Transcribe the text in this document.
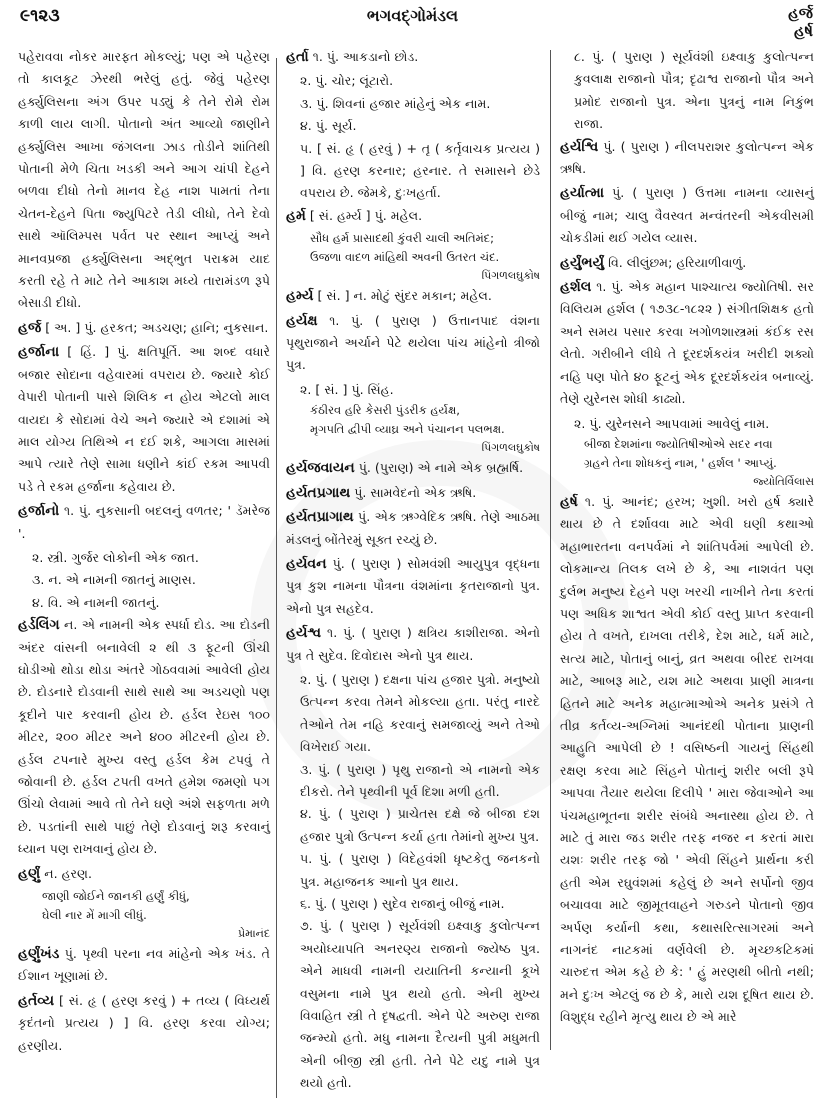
૯૧૨૩	ભગવદ્ગોમંડલ	હર્જ
હર્ષ
પહેરાવવા નોકર મારફત મોકલ્યું; પણ એ પહેરણ તો કાલકૂટ ઝેરથી ભરેલું હતું. જેવું પહેરણ હર્ક્યુલિસના અંગ ઉપર પડ્યું કે તેને રોમે રોમ કાળી લાય લાગી. પોતાનો અંત આવ્યો જાણીને હર્ક્યુલિસ આખા જંગલના ઝાડ તોડીને શાંતિથી પોતાની મેળે ચિતા ખડકી અને આગ ચાંપી દેહને બળવા દીધો તેનો માનવ દેહ નાશ પામતાં તેના ચેતન-દેહને પિતા જ્યુપિટરે તેડી લીધો, તેને દેવો સાથે ઑલિમ્પસ પર્વત પર સ્થાન આપ્યું અને માનવપ્રજા હર્ક્યુલિસના અદ્ભુત પરાક્રમ યાદ કરતી રહે તે માટે તેને આકાશ મધ્યે તારામંડળ રૂપે બેસાડી દીધો.
હર્જ [ અ. ] પું. હરકત; અડચણ; હાનિ; નુકસાન.
હર્જાના [ હિં. ] પું. ક્ષતિપૂર્તિ. આ શબ્દ વધારે બજાર સોદાના વહેવારમાં વપરાય છે. જ્યારે કોઈ વેપારી પોતાની પાસે શિલિક ન હોય એટલો માલ વાયદા કે સોદામાં વેચે અને જ્યારે એ દશામાં એ માલ યોગ્ય તિથિએ ન દઈ શકે, આગલા માસમાં આપે ત્યારે તેણે સામા ધણીને કાંઈ રકમ આપવી પડે તે રકમ હર્જાના કહેવાય છે.
હર્જાનો ૧. પું. નુકસાની બદલનું વળતર; ' ડૅમરેજ '.
૨. સ્ત્રી. ગુર્જર લોકોની એક જાત.
૩. ન. એ નામની જાતનું માણસ.
૪. વિ. એ નામની જાતનું.
હર્ડલિંગ ન. એ નામની એક સ્પર્ધા દોડ. આ દોડની અંદર વાંસની બનાવેલી ૨ થી ૩ ફૂટની ઊંચી ઘોડીઓ થોડા થોડા અંતરે ગોઠવવામાં આવેલી હોય છે. દોડનારે દોડવાની સાથે સાથે આ અડચણો પણ કૂદીને પાર કરવાની હોય છે. હર્ડલ રેઇસ ૧૦૦ મીટર, ૨૦૦ મીટર અને ૪૦૦ મીટરની હોય છે. હર્ડલ ટપનારે મુખ્ય વસ્તુ હર્ડલ કેમ ટપવું તે જોવાની છે. હર્ડલ ટપતી વખતે હમેશ જમણો પગ ઊંચો લેવામાં આવે તો તેને ઘણે અંશે સફળતા મળે છે. પડતાંની સાથે પાછું તેણે દોડવાનું શરૂ કરવાનું ધ્યાન પણ રાખવાનું હોય છે.
હર્ણું ન. હરણ.
જાણી જોઈને જાનકી હર્ણું કીધું,
ઘેલી નાર મેં માગી લીધું.
પ્રેમાનંદ
હર્ણુંખંડ પું. પૃથ્વી પરના નવ માંહેનો એક ખંડ. તે ઈશાન ખૂણામાં છે.
હર્તવ્ય [ સં. હૃ ( હરણ કરવું ) + તવ્ય ( વિધ્યર્થ કૃદંતનો પ્રત્યય ) ] વિ. હરણ કરવા યોગ્ય; હરણીય.
હર્તા ૧. પું. આકડાનો છોડ.
૨. પું. ચોર; લૂંટારો.
૩. પું. શિવનાં હજાર માંહેનું એક નામ.
૪. પું. સૂર્ય.
૫. [ સં. હૃ ( હરવું ) + તૃ ( કર્તૃવાચક પ્રત્યય ) ] વિ. હરણ કરનાર; હરનાર. તે સમાસને છેડે વપરાય છે. જેમકે, દુઃખહર્તા.
હર્મ [ સં. હર્મ્ય ] પું. મહેલ.
સૌધ હર્મ પ્રાસાદથી કુંવરી ચાલી અતિમંદ;
ઉજળા વાદળ માંહિથી અવની ઉતરત ચંદ.
પિંગળલઘુકોષ
હર્મ્ય [ સં. ] ન. મોટું સુંદર મકાન; મહેલ.
હર્યક્ષ ૧. પું. ( પુરાણ ) ઉત્તાનપાદ વંશના પૃથુરાજાને અર્ચાને પેટે થયેલા પાંચ માંહેનો ત્રીજો પુત્ર.
૨. [ સં. ] પું. સિંહ.
કંઠીરવ હરિ કેસરી પુંડરીક હર્યક્ષ,
મૃગપતિ દ્વીપી વ્યાઘ્ર અને પંચાનન પલભક્ષ.
પિંગળલઘુકોષ
હર્યજવાયન પું. (પુરાણ) એ નામે એક બ્રહ્મર્ષિ.
હર્યતપ્રગાથ પું. સામવેદનો એક ઋષિ.
હર્યતપ્રાગાથ પું. એક ઋગ્વેદિક ઋષિ. તેણે આઠમા મંડલનું બોંતેરમું સૂક્ત રચ્યું છે.
હર્યવન પું. ( પુરાણ ) સોમવંશી આયુપુત્ર વૃદ્ધના પુત્ર કુશ નામના પૌત્રના વંશમાંના કૃતરાજાનો પુત્ર. એનો પુત્ર સહદેવ.
હર્યશ્વ ૧. પું. ( પુરાણ ) ક્ષત્રિય કાશીરાજા. એનો પુત્ર તે સુદેવ. દિવોદાસ એનો પુત્ર થાય.
૨. પું. ( પુરાણ ) દક્ષના પાંચ હજાર પુત્રો. મનુષ્યો ઉત્પન્ન કરવા તેમને મોકલ્યા હતા. પરંતુ નારદે તેઓને તેમ નહિ કરવાનું સમજાવ્યું અને તેઓ વિખેરાઈ ગયા.
૩. પું. ( પુરાણ ) પૃથુ રાજાનો એ નામનો એક દીકરો. તેને પૃથ્વીની પૂર્વ દિશા મળી હતી.
૪. પું. ( પુરાણ ) પ્રાચેતસ દક્ષે જે બીજા દશ હજાર પુત્રો ઉત્પન્ન કર્યા હતા તેમાંનો મુખ્ય પુત્ર.
૫. પું. ( પુરાણ ) વિદેહવંશી ધૃષ્ટકેતુ જનકનો પુત્ર. મહાજનક આનો પુત્ર થાય.
૬. પું. ( પુરાણ ) સુદેવ રાજાનું બીજું નામ.
૭. પું. ( પુરાણ ) સૂર્યવંશી ઇક્ષ્વાકુ કુલોત્પન્ન અયોધ્યાપતિ અનરણ્ય રાજાનો જ્યેષ્ઠ પુત્ર. એને માધવી નામની યયાતિની કન્યાની કૂખે વસુમના નામે પુત્ર થયો હતો. એની મુખ્ય વિવાહિત સ્ત્રી તે દૃષદ્વતી. એને પેટે અરુણ રાજા જન્મ્યો હતો. મધુ નામના દૈત્યની પુત્રી મધુમતી એની બીજી સ્ત્રી હતી. તેને પેટે યદુ નામે પુત્ર થયો હતો.
૮. પું. ( પુરાણ ) સૂર્યવંશી ઇક્ષ્વાકુ કુલોત્પન્ન કુવલાક્ષ રાજાનો પૌત્ર; દૃઢાશ્વ રાજાનો પૌત્ર અને પ્રમોદ રાજાનો પુત્ર. એના પુત્રનું નામ નિકુંભ રાજા.
હર્યશ્વિ પું. ( પુરાણ ) નીલપરાશર કુલોત્પન્ન એક ઋષિ.
હર્યાત્મા પું. ( પુરાણ ) ઉત્તમા નામના વ્યાસનું બીજું નામ; ચાલુ વૈવસ્વત મન્વંતરની એકવીસમી ચોકડીમાં થઈ ગયેલ વ્યાસ.
હર્યુંભર્યું વિ. લીલુંછમ; હરિયાળીવાળું.
હર્શલ ૧. પું. એક મહાન પાશ્ચાત્ય જ્યોતિષી. સર વિલિયમ હર્શલ ( ૧૭૩૮-૧૮૨૨ ) સંગીતશિક્ષક હતો અને સમય પસાર કરવા ખગોળશાસ્ત્રમાં કંઈક રસ લેતો. ગરીબીને લીધે તે દૂરદર્શકયંત્ર ખરીદી શક્યો નહિ પણ પોતે ૪૦ ફૂટનું એક દૂરદર્શકયંત્ર બનાવ્યું. તેણે યુરેનસ શોધી કાઢ્યો.
૨. પું. યુરેનસને આપવામાં આવેલું નામ.
બીજા દેશમાંના જ્યોતિષીઓએ સદર નવા
ગ્રહને તેના શોધકનું નામ, ' હર્શલ ' આપ્યું.
જ્યોતિર્વિલાસ
હર્ષ ૧. પું. આનંદ; હરખ; ખુશી. ખરો હર્ષ ક્યારે થાય છે તે દર્શાવવા માટે એવી ઘણી કથાઓ મહાભારતના વનપર્વમાં ને શાંતિપર્વમાં આપેલી છે. લોકમાન્ય તિલક લખે છે કે, આ નાશવંત પણ દુર્લભ મનુષ્ય દેહને પણ ખરચી નાખીને તેના કરતાં પણ અધિક શાશ્વત એવી કોઈ વસ્તુ પ્રાપ્ત કરવાની હોય તે વખતે, દાખલા તરીકે, દેશ માટે, ધર્મ માટે, સત્ય માટે, પોતાનું બાનું, વ્રત અથવા બીરદ રાખવા માટે, આબરૂ માટે, યશ માટે અથવા પ્રાણી માત્રના હિતને માટે અનેક મહાત્માઓએ અનેક પ્રસંગે તે તીવ્ર કર્તવ્ય-અગ્નિમાં આનંદથી પોતાના પ્રાણની આહુતિ આપેલી છે ! વસિષ્ઠની ગાયનું સિંહથી રક્ષણ કરવા માટે સિંહને પોતાનું શરીર બલી રૂપે આપવા તૈયાર થયેલા દિલીપે ' મારા જેવાઓને આ પંચમહાભૂતના શરીર સંબંધે અનાસ્થા હોય છે. તે માટે તું મારા જડ શરીર તરફ નજર ન કરતાં મારા યશઃ શરીર તરફ જો ' એવી સિંહને પ્રાર્થના કરી હતી એમ રઘુવંશમાં કહેલું છે અને સર્પોનો જીવ બચાવવા માટે જીમૂતવાહને ગરુડને પોતાનો જીવ અર્પણ કર્યાની કથા, કથાસરિત્સાગરમાં અને નાગનંદ નાટકમાં વર્ણવેલી છે. મૃચ્છકટિકમાં ચારુદત્ત એમ કહે છે કે: ' હું મરણથી બીતો નથી; મને દુઃખ એટલું જ છે કે, મારો યશ દૂષિત થાય છે. વિશુદ્ધ રહીને મૃત્યુ થાય છે એ મારે
